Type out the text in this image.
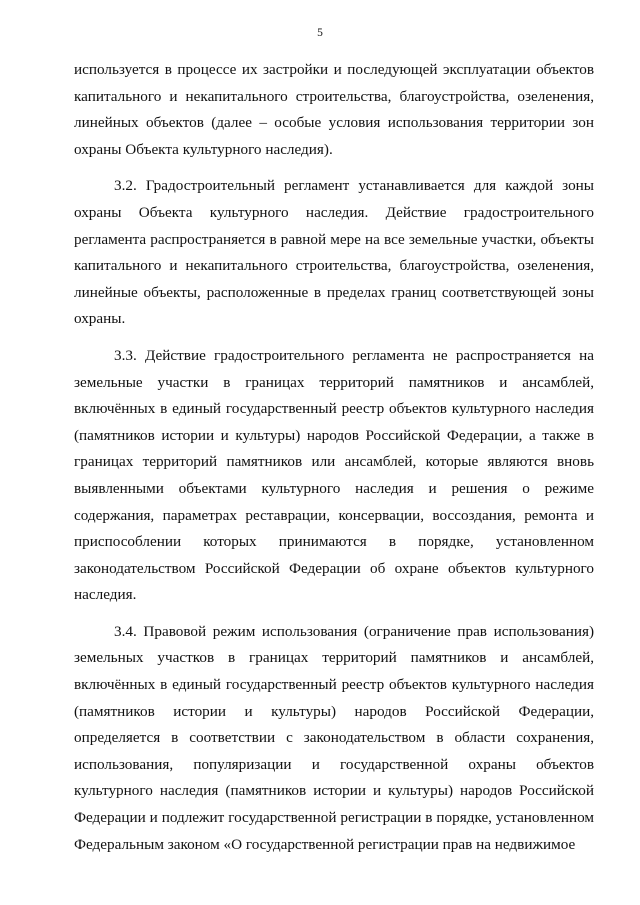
5

используется в процессе их застройки и последующей эксплуатации объектов капитального и некапитального строительства, благоустройства, озеленения, линейных объектов (далее – особые условия использования территории зон охраны Объекта культурного наследия).

3.2. Градостроительный регламент устанавливается для каждой зоны охраны Объекта культурного наследия. Действие градостроительного регламента распространяется в равной мере на все земельные участки, объекты капитального и некапитального строительства, благоустройства, озеленения, линейные объекты, расположенные в пределах границ соответствующей зоны охраны.

3.3. Действие градостроительного регламента не распространяется на земельные участки в границах территорий памятников и ансамблей, включённых в единый государственный реестр объектов культурного наследия (памятников истории и культуры) народов Российской Федерации, а также в границах территорий памятников или ансамблей, которые являются вновь выявленными объектами культурного наследия и решения о режиме содержания, параметрах реставрации, консервации, воссоздания, ремонта и приспособлении которых принимаются в порядке, установленном законодательством Российской Федерации об охране объектов культурного наследия.

3.4. Правовой режим использования (ограничение прав использования) земельных участков в границах территорий памятников и ансамблей, включённых в единый государственный реестр объектов культурного наследия (памятников истории и культуры) народов Российской Федерации, определяется в соответствии с законодательством в области сохранения, использования, популяризации и государственной охраны объектов культурного наследия (памятников истории и культуры) народов Российской Федерации и подлежит государственной регистрации в порядке, установленном Федеральным законом «О государственной регистрации прав на недвижимое
